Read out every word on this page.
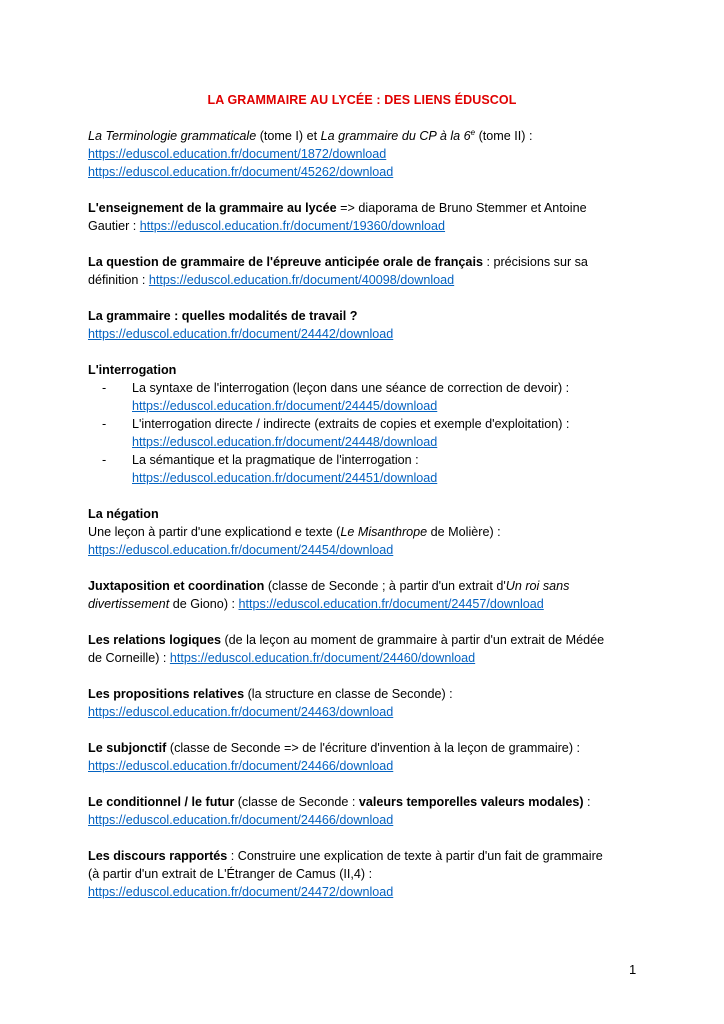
LA GRAMMAIRE AU LYCÉE : DES LIENS ÉDUSCOL
La Terminologie grammaticale (tome I) et La grammaire du CP à la 6e (tome II) :
https://eduscol.education.fr/document/1872/download
https://eduscol.education.fr/document/45262/download
L'enseignement de la grammaire au lycée => diaporama de Bruno Stemmer et Antoine
Gautier : https://eduscol.education.fr/document/19360/download
La question de grammaire de l'épreuve anticipée orale de français : précisions sur sa
définition : https://eduscol.education.fr/document/40098/download
La grammaire : quelles modalités de travail ?
https://eduscol.education.fr/document/24442/download
L'interrogation
- La syntaxe de l'interrogation (leçon dans une séance de correction de devoir) :
https://eduscol.education.fr/document/24445/download
- L'interrogation directe / indirecte (extraits de copies et exemple d'exploitation) :
https://eduscol.education.fr/document/24448/download
- La sémantique et la pragmatique de l'interrogation :
https://eduscol.education.fr/document/24451/download
La négation
Une leçon à partir d'une explicationd e texte (Le Misanthrope de Molière) :
https://eduscol.education.fr/document/24454/download
Juxtaposition et coordination (classe de Seconde ; à partir d'un extrait d'Un roi sans
divertissement de Giono) : https://eduscol.education.fr/document/24457/download
Les relations logiques (de la leçon au moment de grammaire à partir d'un extrait de Médée
de Corneille) : https://eduscol.education.fr/document/24460/download
Les propositions relatives (la structure en classe de Seconde) :
https://eduscol.education.fr/document/24463/download
Le subjonctif (classe de Seconde => de l'écriture d'invention à la leçon de grammaire) :
https://eduscol.education.fr/document/24466/download
Le conditionnel / le futur (classe de Seconde : valeurs temporelles valeurs modales) :
https://eduscol.education.fr/document/24466/download
Les discours rapportés : Construire une explication de texte à partir d'un fait de grammaire
(à partir d'un extrait de L'Étranger de Camus (II,4) :
https://eduscol.education.fr/document/24472/download
1
